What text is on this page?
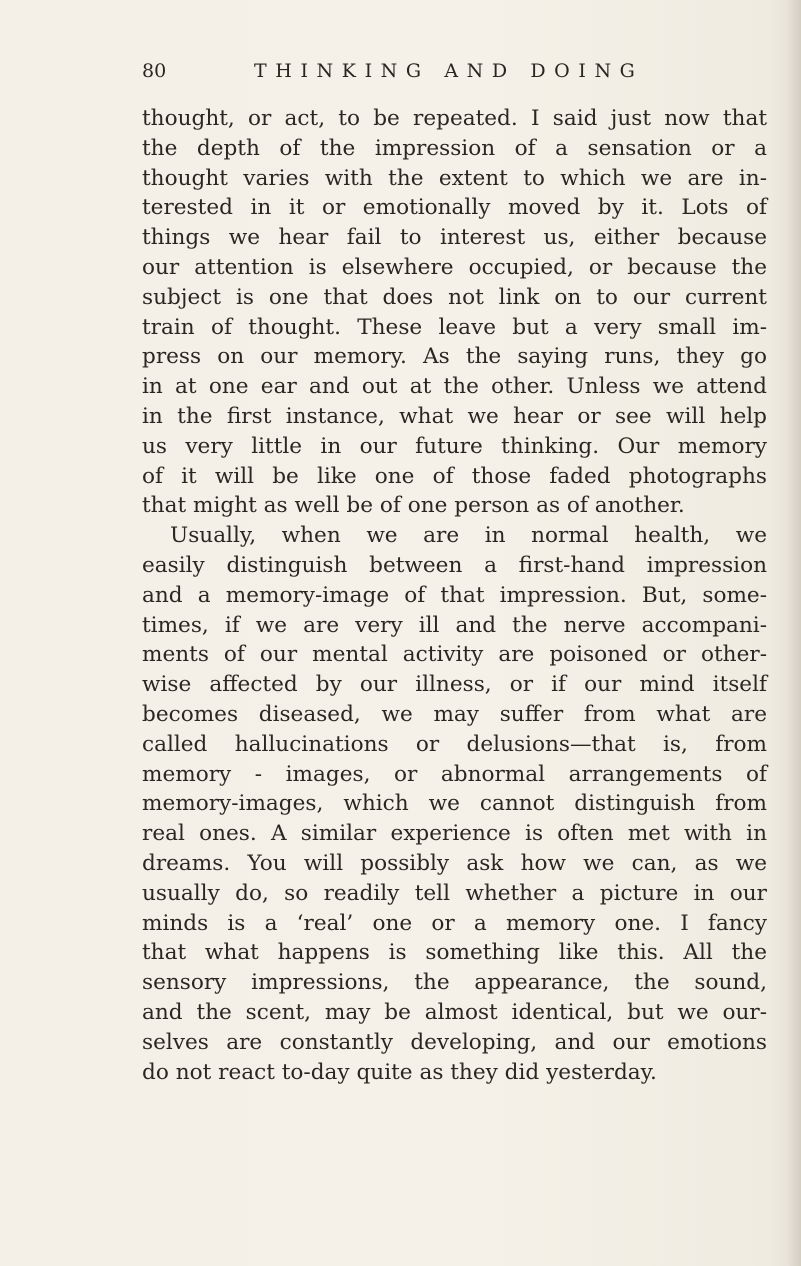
80	THINKING AND DOING
thought, or act, to be repeated. I said just now that
the depth of the impression of a sensation or a
thought varies with the extent to which we are in-
terested in it or emotionally moved by it. Lots of
things we hear fail to interest us, either because
our attention is elsewhere occupied, or because the
subject is one that does not link on to our current
train of thought. These leave but a very small im-
press on our memory. As the saying runs, they go
in at one ear and out at the other. Unless we attend
in the first instance, what we hear or see will help
us very little in our future thinking. Our memory
of it will be like one of those faded photographs
that might as well be of one person as of another.
Usually, when we are in normal health, we
easily distinguish between a first-hand impression
and a memory-image of that impression. But, some-
times, if we are very ill and the nerve accompani-
ments of our mental activity are poisoned or other-
wise affected by our illness, or if our mind itself
becomes diseased, we may suffer from what are
called hallucinations or delusions—that is, from
memory - images, or abnormal arrangements of
memory-images, which we cannot distinguish from
real ones. A similar experience is often met with in
dreams. You will possibly ask how we can, as we
usually do, so readily tell whether a picture in our
minds is a ‘real’ one or a memory one. I fancy
that what happens is something like this. All the
sensory impressions, the appearance, the sound,
and the scent, may be almost identical, but we our-
selves are constantly developing, and our emotions
do not react to-day quite as they did yesterday.
